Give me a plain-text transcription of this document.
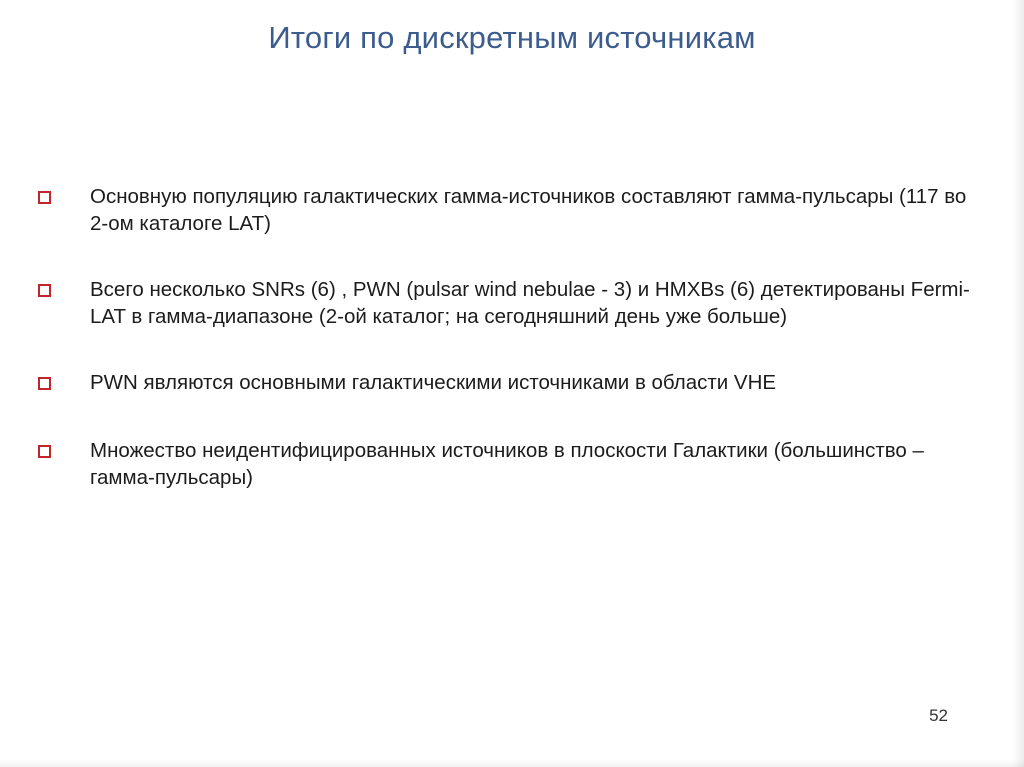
Итоги по дискретным источникам
Основную популяцию галактических гамма-источников составляют гамма-пульсары (117 во 2-ом каталоге LAT)
Всего несколько SNRs (6) , PWN (pulsar wind nebulae - 3) и HMXBs (6) детектированы Fermi-LAT в гамма-диапазоне (2-ой каталог; на сегодняшний день уже больше)
PWN являются основными галактическими источниками в области VHE
Множество неидентифицированных источников в плоскости Галактики (большинство – гамма-пульсары)
52
